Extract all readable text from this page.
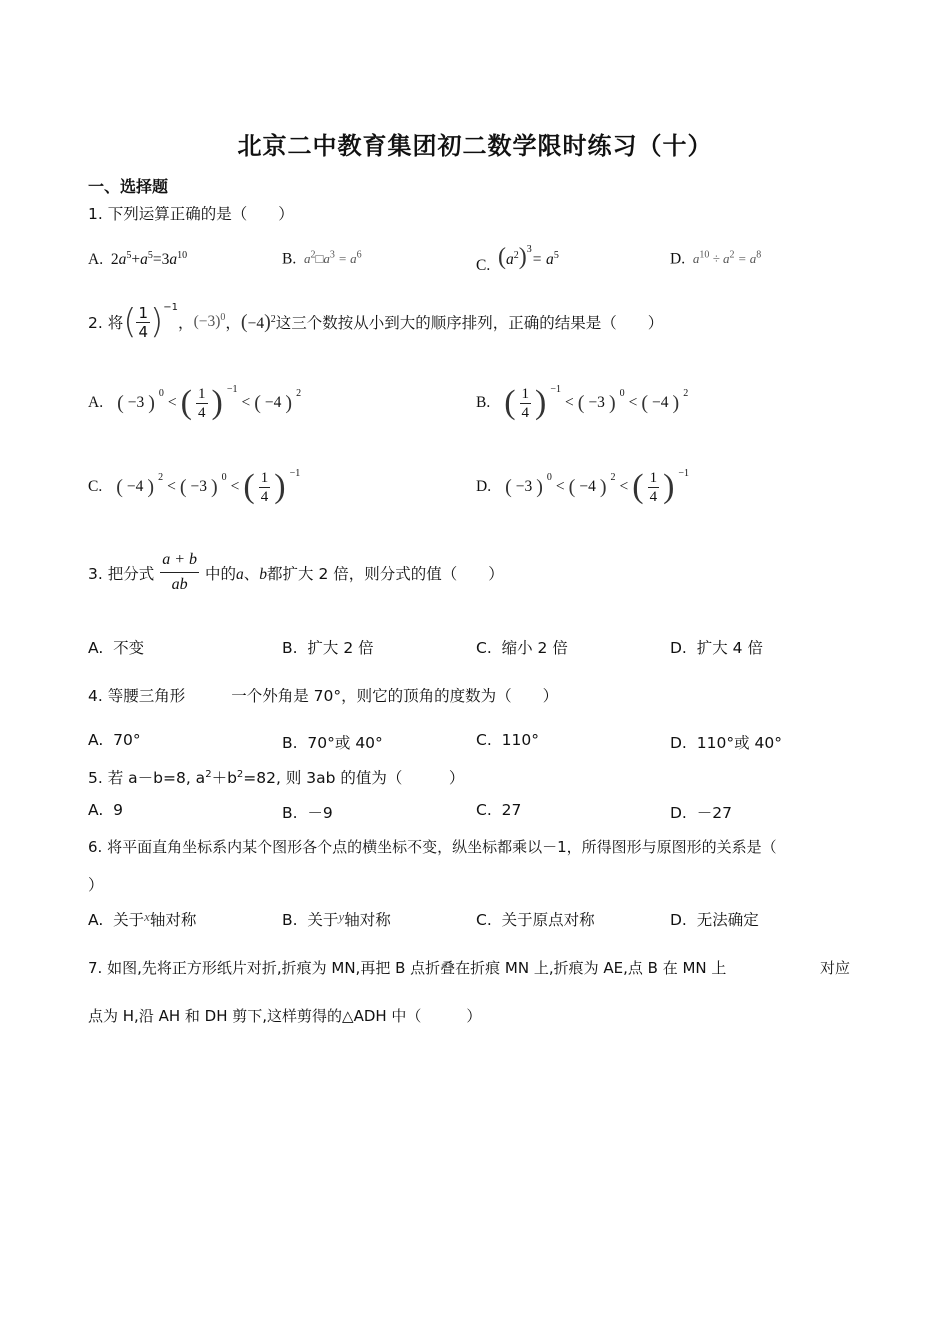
北京二中教育集团初二数学限时练习（十）
一、选择题
1. 下列运算正确的是（　　）
A. $2a^5+a^5=3a^{10}$	B. $a^2□a^3 = a^6$
C. $(a^2)^3= a^5$	D. $a^{10} \div a^2 = a^8$
2. 将 ( $\frac{1}{4} )^{-1}$
， $(-3)^0$ ， $(-4)^2$ 这三个数按从小到大的顺序排列，正确的结果是（　　）
A. ( −3 ) $^0$
< ( $\frac{1}{4}$ ) $^{-1}$
< ( −4 ) $^2$
B. ( $\frac{1}{4}$ ) $^{-1}$
< ( −3 ) $^0$
< ( −4 ) $^2$
C. ( −4 ) $^2$
< ( −3 ) $^0$
< ( $\frac{1}{4}$ ) $^{-1}$
D. ( −3 ) $^0$
< ( −4 ) $^2$
< ( $\frac{1}{4}$ ) $^{-1}$
3. 把分式 $\frac{a + b}{ab}$ 中的a、b都扩大 2 倍，则分式的值（　　）
A. 不变	B. 扩大 2 倍	C. 缩小 2 倍	D. 扩大 4 倍
4. 等腰三角形	一个外角是 70°，则它的顶角的度数为（　　）
A. 70°	B. 70°或 40°	C. 110°	D. 110°或 40°
5. 若 a－b=8, $a^2+b^2=82$, 则 3ab 的值为（　　　）
A. 9	B. －9	C. 27	D. －27
6. 将平面直角坐标系内某个图形各个点的横坐标不变，纵坐标都乘以－1，所得图形与原图形的关系是（
）
A. 关于$^x$轴对称	B. 关于$^y$轴对称	C. 关于原点对称	D. 无法确定
7. 如图,先将正方形纸片对折,折痕为 MN,再把 B 点折叠在折痕 MN 上,折痕为 AE,点 B 在 MN 上	对应
点为 H,沿 AH 和 DH 剪下,这样剪得的△ADH 中（　　　）
